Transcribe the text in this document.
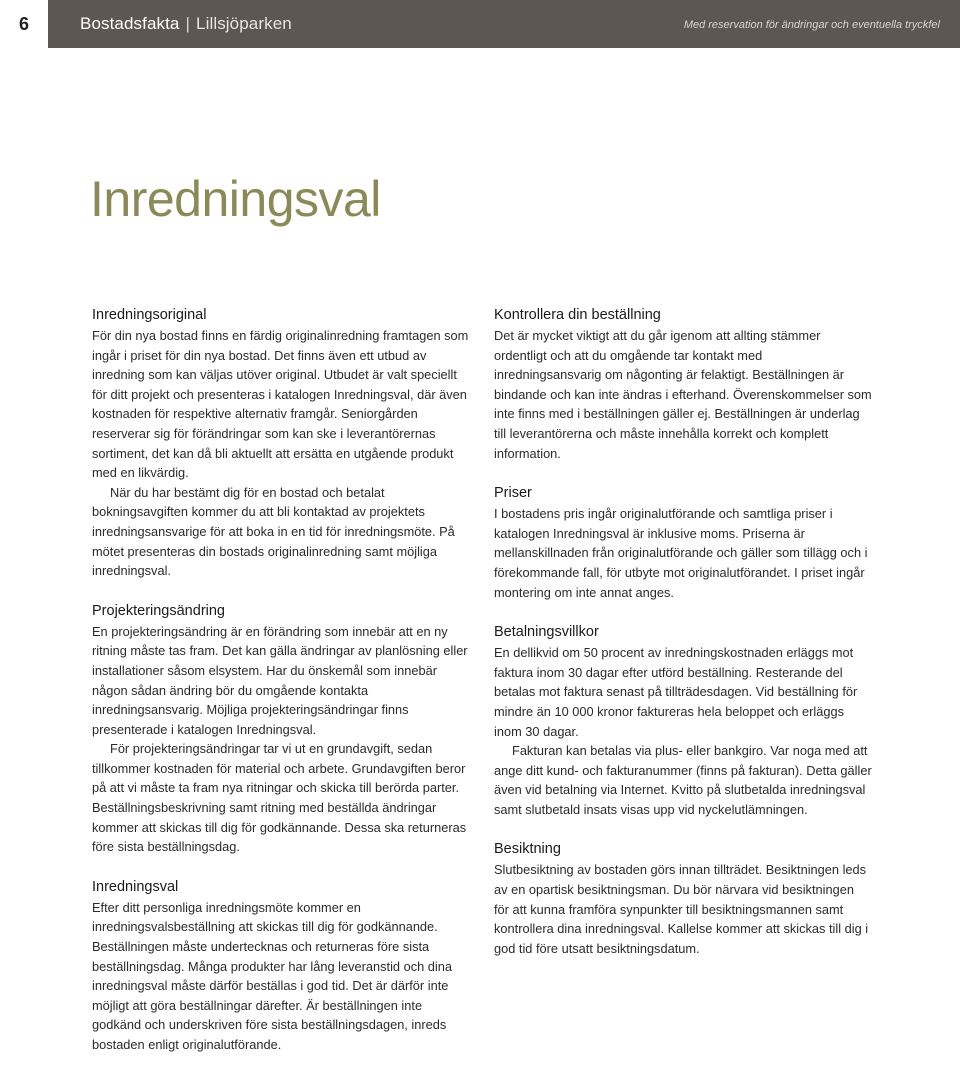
6	Bostadsfakta | Lillsjöparken	Med reservation för ändringar och eventuella tryckfel
Inredningsval
Inredningsoriginal

För din nya bostad finns en färdig originalinredning framtagen som ingår i priset för din nya bostad. Det finns även ett utbud av inredning som kan väljas utöver original. Utbudet är valt speciellt för ditt projekt och presenteras i katalogen Inredningsval, där även kostnaden för respektive alternativ framgår. Seniorgården reserverar sig för förändringar som kan ske i leverantörernas sortiment, det kan då bli aktuellt att ersätta en utgående produkt med en likvärdig.

När du har bestämt dig för en bostad och betalat bokningsavgiften kommer du att bli kontaktad av projektets inredningsansvarige för att boka in en tid för inredningsmöte. På mötet presenteras din bostads originalinredning samt möjliga inredningsval.

Projekteringsändring

En projekteringsändring är en förändring som innebär att en ny ritning måste tas fram. Det kan gälla ändringar av planlösning eller installationer såsom elsystem. Har du önskemål som innebär någon sådan ändring bör du omgående kontakta inredningsansvarig. Möjliga projekteringsändringar finns presenterade i katalogen Inredningsval.

För projekteringsändringar tar vi ut en grundavgift, sedan tillkommer kostnaden för material och arbete. Grundavgiften beror på att vi måste ta fram nya ritningar och skicka till berörda parter. Beställningsbeskrivning samt ritning med beställda ändringar kommer att skickas till dig för godkännande. Dessa ska returneras före sista beställningsdag.

Inredningsval

Efter ditt personliga inredningsmöte kommer en inredningsvalsbeställning att skickas till dig för godkännande. Beställningen måste undertecknas och returneras före sista beställningsdag. Många produkter har lång leveranstid och dina inredningsval måste därför beställas i god tid. Det är därför inte möjligt att göra beställningar därefter. Är beställningen inte godkänd och underskriven före sista beställningsdagen, inreds bostaden enligt originalutförande.

Kontrollera din beställning

Det är mycket viktigt att du går igenom att allting stämmer ordentligt och att du omgående tar kontakt med inredningsansvarig om någonting är felaktigt. Beställningen är bindande och kan inte ändras i efterhand. Överenskommelser som inte finns med i beställningen gäller ej. Beställningen är underlag till leverantörerna och måste innehålla korrekt och komplett information.

Priser

I bostadens pris ingår originalutförande och samtliga priser i katalogen Inredningsval är inklusive moms. Priserna är mellanskillnaden från originalutförande och gäller som tillägg och i förekommande fall, för utbyte mot originalutförandet. I priset ingår montering om inte annat anges.

Betalningsvillkor

En dellikvid om 50 procent av inredningskostnaden erläggs mot faktura inom 30 dagar efter utförd beställning. Resterande del betalas mot faktura senast på tillträdesdagen. Vid beställning för mindre än 10 000 kronor faktureras hela beloppet och erläggs inom 30 dagar.

Fakturan kan betalas via plus- eller bankgiro. Var noga med att ange ditt kund- och fakturanummer (finns på fakturan). Detta gäller även vid betalning via Internet. Kvitto på slutbetalda inredningsval samt slutbetald insats visas upp vid nyckelutlämningen.

Besiktning

Slutbesiktning av bostaden görs innan tillträdet. Besiktningen leds av en opartisk besiktningsman. Du bör närvara vid besiktningen för att kunna framföra synpunkter till besiktningsmannen samt kontrollera dina inredningsval. Kallelse kommer att skickas till dig i god tid före utsatt besiktningsdatum.
